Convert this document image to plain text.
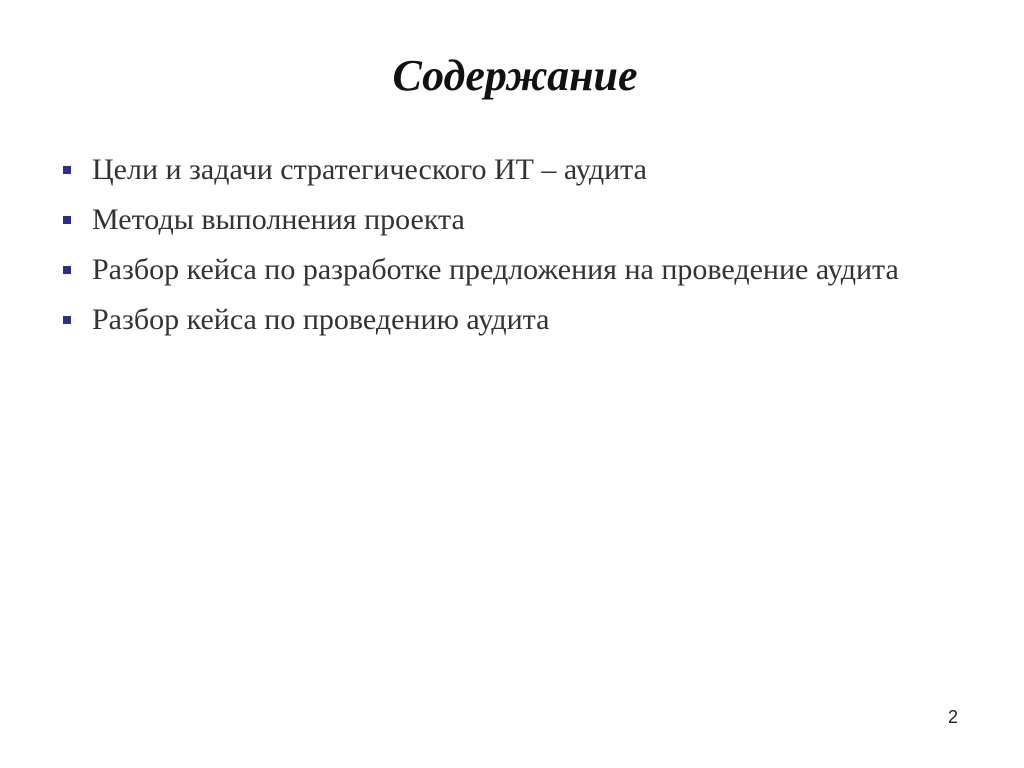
Содержание
Цели и задачи стратегического ИТ – аудита
Методы выполнения проекта
Разбор кейса по разработке предложения на проведение аудита
Разбор кейса по проведению аудита
2
